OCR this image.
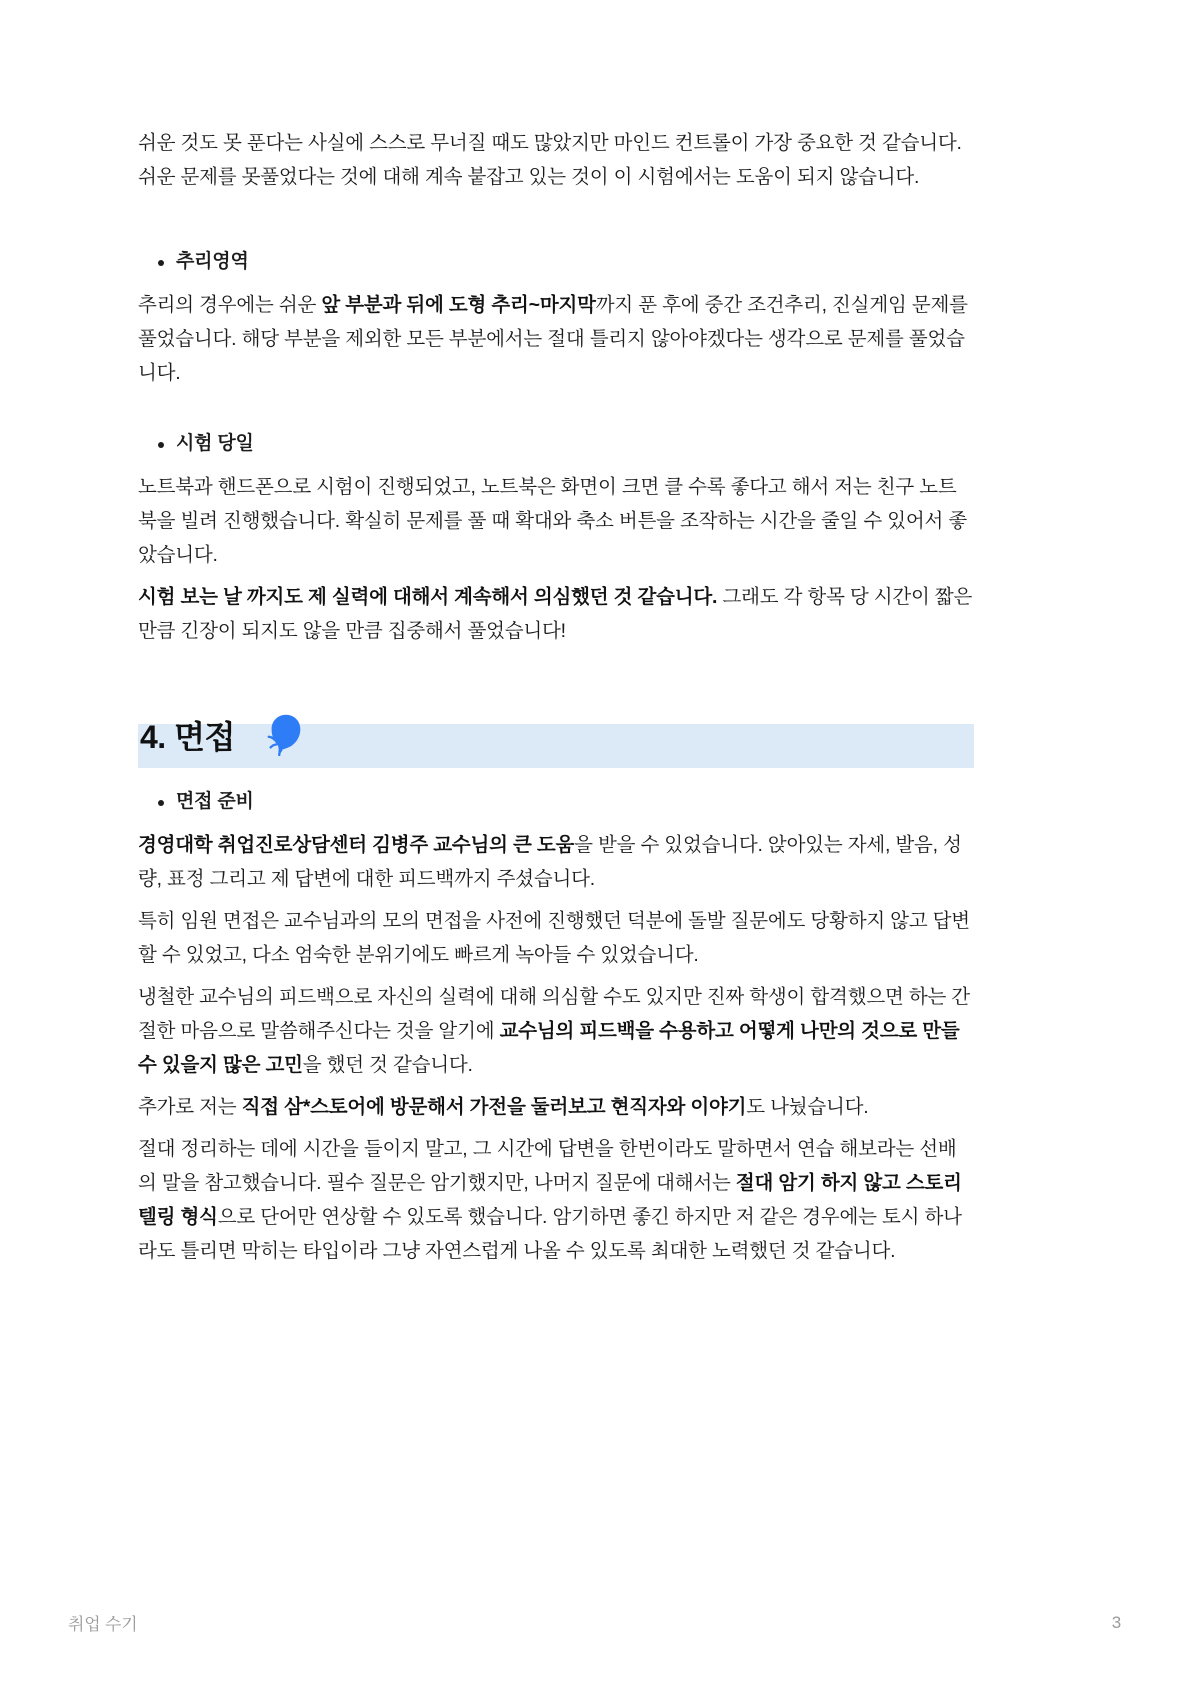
쉬운 것도 못 푼다는 사실에 스스로 무너질 때도 많았지만 마인드 컨트롤이 가장 중요한 것 같습니다.

쉬운 문제를 못풀었다는 것에 대해 계속 붙잡고 있는 것이 이 시험에서는 도움이 되지 않습니다.

추리영역

추리의 경우에는 쉬운 앞 부분과 뒤에 도형 추리~마지막까지 푼 후에 중간 조건추리, 진실게임 문제를 풀었습니다. 해당 부분을 제외한 모든 부분에서는 절대 틀리지 않아야겠다는 생각으로 문제를 풀었습니다.

시험 당일

노트북과 핸드폰으로 시험이 진행되었고, 노트북은 화면이 크면 클 수록 좋다고 해서 저는 친구 노트북을 빌려 진행했습니다. 확실히 문제를 풀 때 확대와 축소 버튼을 조작하는 시간을 줄일 수 있어서 좋았습니다.

시험 보는 날 까지도 제 실력에 대해서 계속해서 의심했던 것 같습니다. 그래도 각 항목 당 시간이 짧은 만큼 긴장이 되지도 않을 만큼 집중해서 풀었습니다!

4. 면접
면접 준비

경영대학 취업진로상담센터 김병주 교수님의 큰 도움을 받을 수 있었습니다. 앉아있는 자세, 발음, 성량, 표정 그리고 제 답변에 대한 피드백까지 주셨습니다.

특히 임원 면접은 교수님과의 모의 면접을 사전에 진행했던 덕분에 돌발 질문에도 당황하지 않고 답변할 수 있었고, 다소 엄숙한 분위기에도 빠르게 녹아들 수 있었습니다.

냉철한 교수님의 피드백으로 자신의 실력에 대해 의심할 수도 있지만 진짜 학생이 합격했으면 하는 간절한 마음으로 말씀해주신다는 것을 알기에 교수님의 피드백을 수용하고 어떻게 나만의 것으로 만들 수 있을지 많은 고민을 했던 것 같습니다.

추가로 저는 직접 삼*스토어에 방문해서 가전을 둘러보고 현직자와 이야기도 나눴습니다.

절대 정리하는 데에 시간을 들이지 말고, 그 시간에 답변을 한번이라도 말하면서 연습 해보라는 선배의 말을 참고했습니다. 필수 질문은 암기했지만, 나머지 질문에 대해서는 절대 암기 하지 않고 스토리텔링 형식으로 단어만 연상할 수 있도록 했습니다. 암기하면 좋긴 하지만 저 같은 경우에는 토시 하나라도 틀리면 막히는 타입이라 그냥 자연스럽게 나올 수 있도록 최대한 노력했던 것 같습니다.

취업 수기	3
